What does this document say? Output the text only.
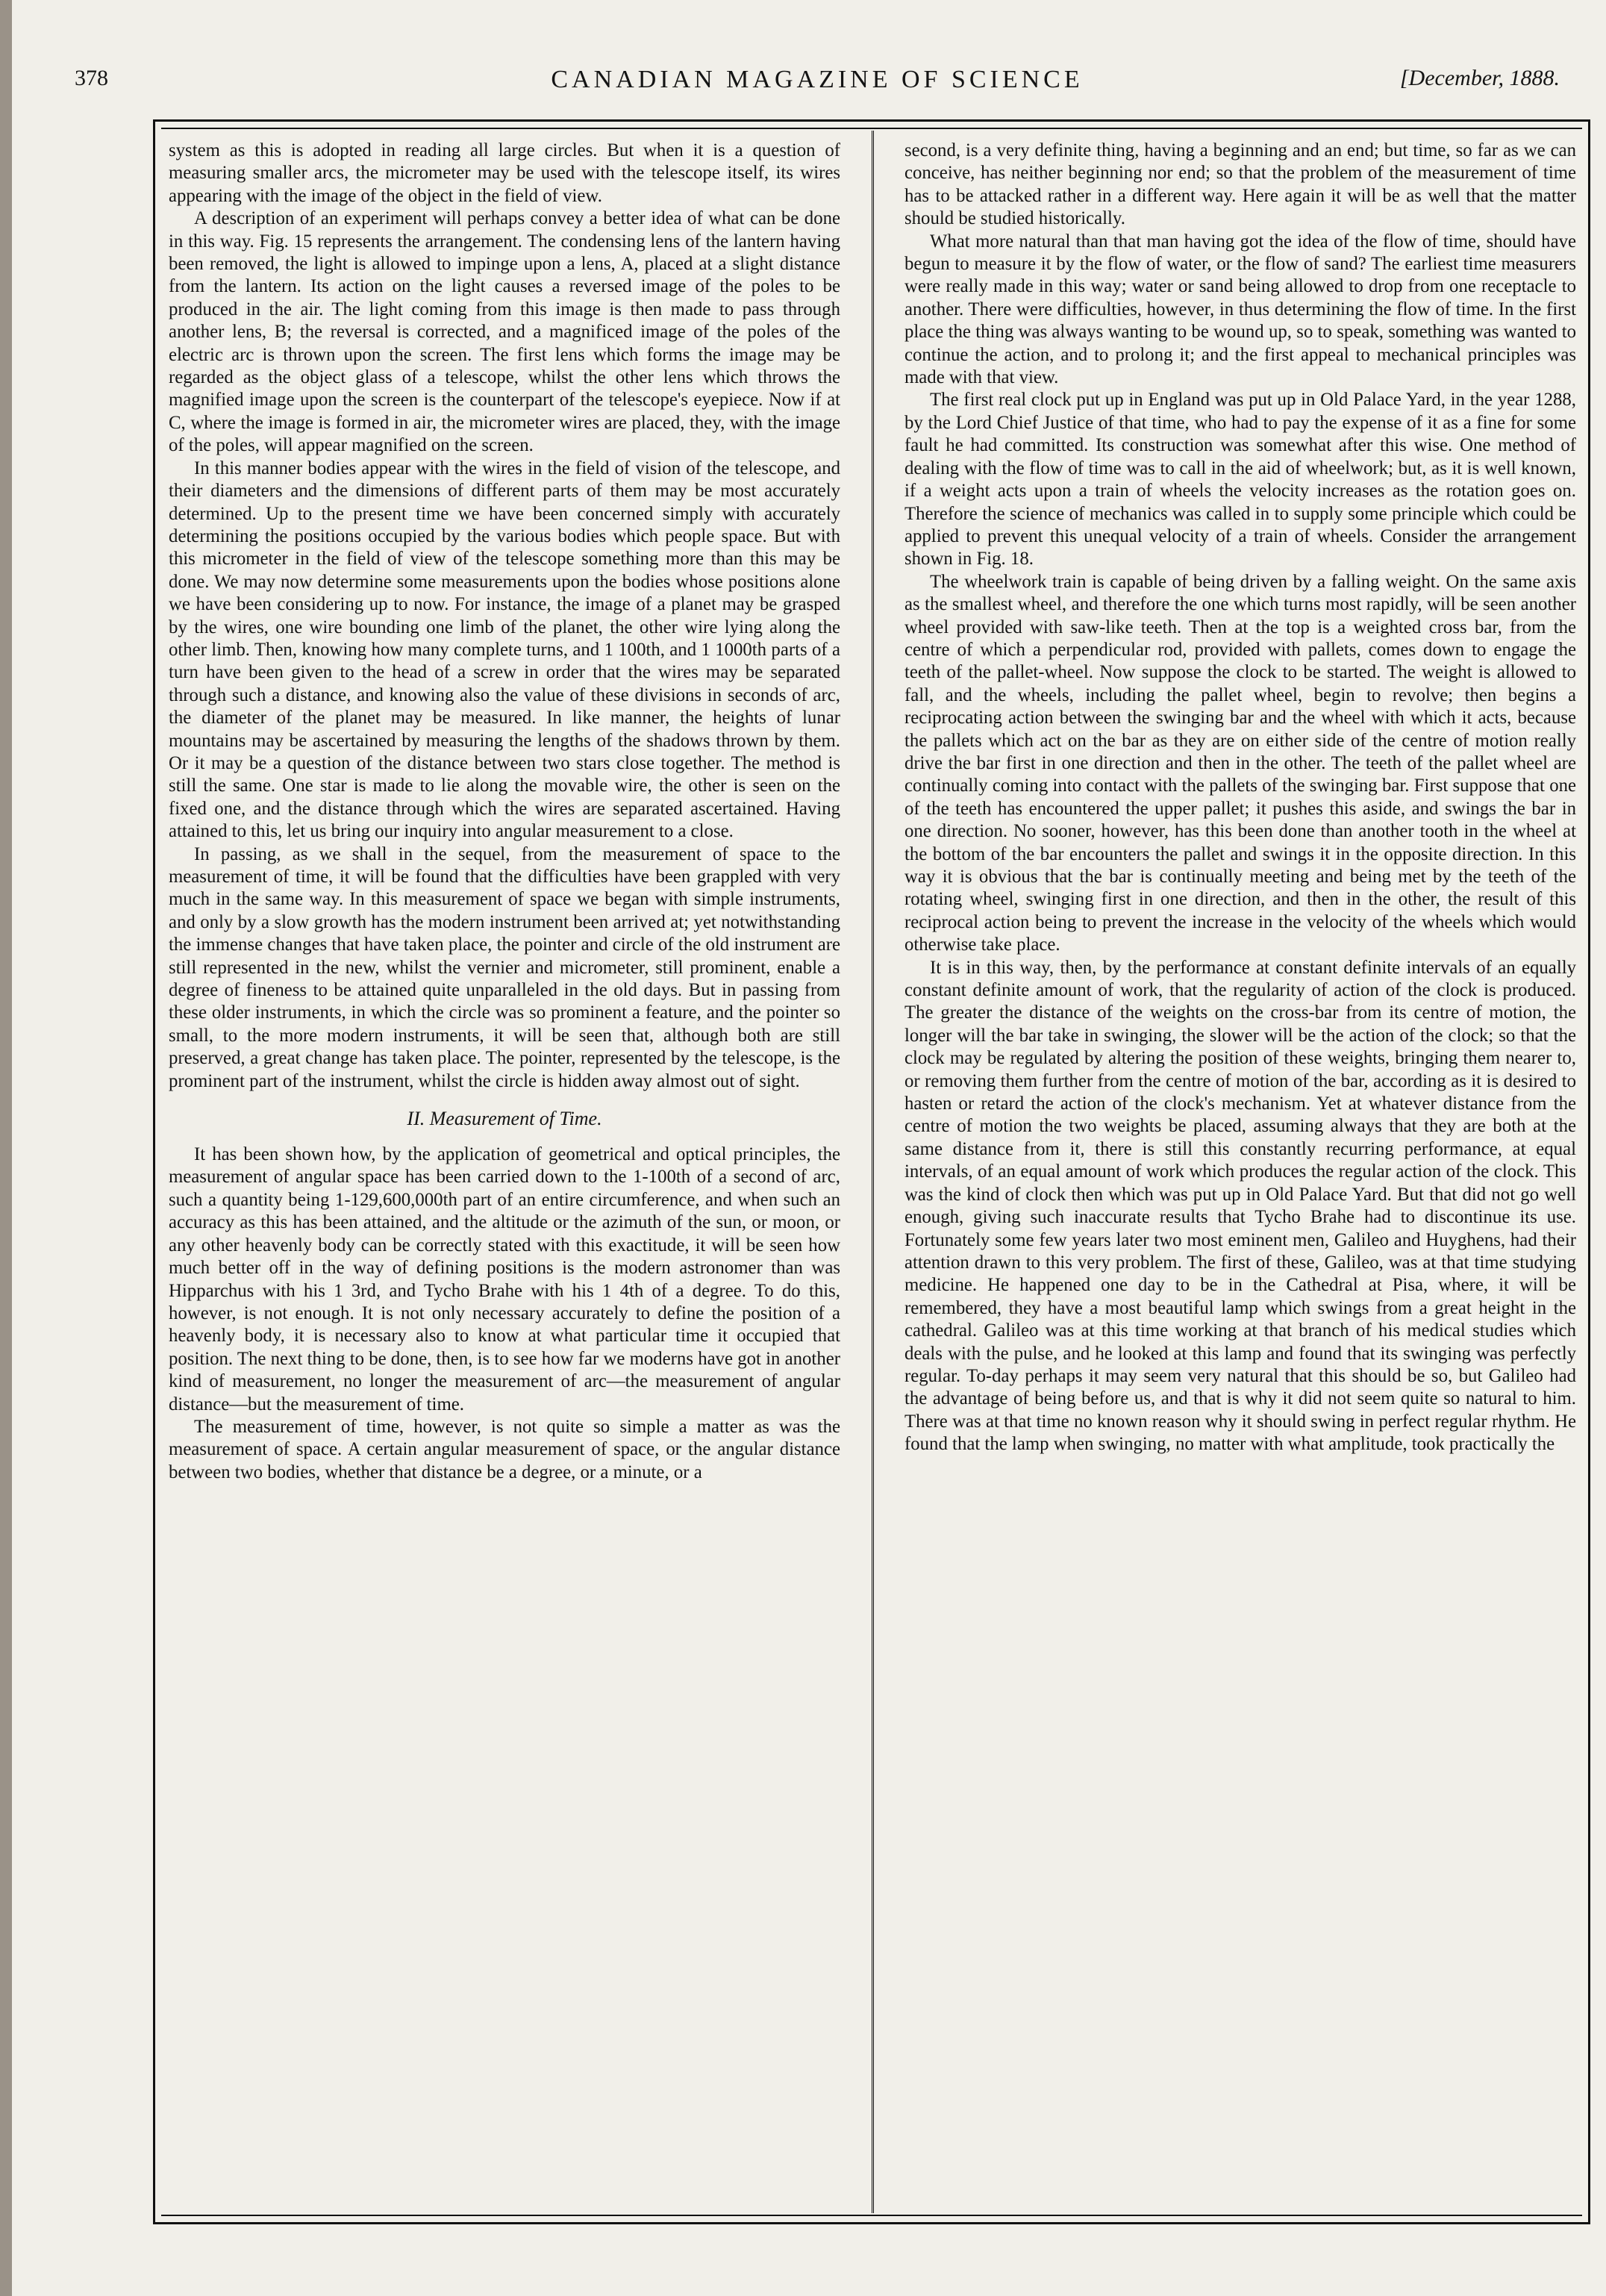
378	CANADIAN MAGAZINE OF SCIENCE	[December, 1888.

system as this is adopted in reading all large circles. But when it is a question of measuring smaller arcs, the micrometer may be used with the telescope itself, its wires appearing with the image of the object in the field of view.

A description of an experiment will perhaps convey a better idea of what can be done in this way. Fig. 15 represents the arrangement. The condensing lens of the lantern having been removed, the light is allowed to impinge upon a lens, A, placed at a slight distance from the lantern. Its action on the light causes a reversed image of the poles to be produced in the air. The light coming from this image is then made to pass through another lens, B; the reversal is corrected, and a magnificed image of the poles of the electric arc is thrown upon the screen. The first lens which forms the image may be regarded as the object glass of a telescope, whilst the other lens which throws the magnified image upon the screen is the counterpart of the telescope's eyepiece. Now if at C, where the image is formed in air, the micrometer wires are placed, they, with the image of the poles, will appear magnified on the screen.

In this manner bodies appear with the wires in the field of vision of the telescope, and their diameters and the dimensions of different parts of them may be most accurately determined. Up to the present time we have been concerned simply with accurately determining the positions occupied by the various bodies which people space. But with this micrometer in the field of view of the telescope something more than this may be done. We may now determine some measurements upon the bodies whose positions alone we have been considering up to now. For instance, the image of a planet may be grasped by the wires, one wire bounding one limb of the planet, the other wire lying along the other limb. Then, knowing how many complete turns, and 1 100th, and 1 1000th parts of a turn have been given to the head of a screw in order that the wires may be separated through such a distance, and knowing also the value of these divisions in seconds of arc, the diameter of the planet may be measured. In like manner, the heights of lunar mountains may be ascertained by measuring the lengths of the shadows thrown by them. Or it may be a question of the distance between two stars close together. The method is still the same. One star is made to lie along the movable wire, the other is seen on the fixed one, and the distance through which the wires are separated ascertained. Having attained to this, let us bring our inquiry into angular measurement to a close.

In passing, as we shall in the sequel, from the measurement of space to the measurement of time, it will be found that the difficulties have been grappled with very much in the same way. In this measurement of space we began with simple instruments, and only by a slow growth has the modern instrument been arrived at; yet notwithstanding the immense changes that have taken place, the pointer and circle of the old instrument are still represented in the new, whilst the vernier and micrometer, still prominent, enable a degree of fineness to be attained quite unparalleled in the old days. But in passing from these older instruments, in which the circle was so prominent a feature, and the pointer so small, to the more modern instruments, it will be seen that, although both are still preserved, a great change has taken place. The pointer, represented by the telescope, is the prominent part of the instrument, whilst the circle is hidden away almost out of sight.

II. Measurement of Time.

It has been shown how, by the application of geometrical and optical principles, the measurement of angular space has been carried down to the 1-100th of a second of arc, such a quantity being 1-129,600,000th part of an entire circumference, and when such an accuracy as this has been attained, and the altitude or the azimuth of the sun, or moon, or any other heavenly body can be correctly stated with this exactitude, it will be seen how much better off in the way of defining positions is the modern astronomer than was Hipparchus with his 1 3rd, and Tycho Brahe with his 1 4th of a degree. To do this, however, is not enough. It is not only necessary accurately to define the position of a heavenly body, it is necessary also to know at what particular time it occupied that position. The next thing to be done, then, is to see how far we moderns have got in another kind of measurement, no longer the measurement of arc—the measurement of angular distance—but the measurement of time.

The measurement of time, however, is not quite so simple a matter as was the measurement of space. A certain angular measurement of space, or the angular distance between two bodies, whether that distance be a degree, or a minute, or a

second, is a very definite thing, having a beginning and an end; but time, so far as we can conceive, has neither beginning nor end; so that the problem of the measurement of time has to be attacked rather in a different way. Here again it will be as well that the matter should be studied historically.

What more natural than that man having got the idea of the flow of time, should have begun to measure it by the flow of water, or the flow of sand? The earliest time measurers were really made in this way; water or sand being allowed to drop from one receptacle to another. There were difficulties, however, in thus determining the flow of time. In the first place the thing was always wanting to be wound up, so to speak, something was wanted to continue the action, and to prolong it; and the first appeal to mechanical principles was made with that view.

The first real clock put up in England was put up in Old Palace Yard, in the year 1288, by the Lord Chief Justice of that time, who had to pay the expense of it as a fine for some fault he had committed. Its construction was somewhat after this wise. One method of dealing with the flow of time was to call in the aid of wheelwork; but, as it is well known, if a weight acts upon a train of wheels the velocity increases as the rotation goes on. Therefore the science of mechanics was called in to supply some principle which could be applied to prevent this unequal velocity of a train of wheels. Consider the arrangement shown in Fig. 18.

The wheelwork train is capable of being driven by a falling weight. On the same axis as the smallest wheel, and therefore the one which turns most rapidly, will be seen another wheel provided with saw-like teeth. Then at the top is a weighted cross bar, from the centre of which a perpendicular rod, provided with pallets, comes down to engage the teeth of the pallet-wheel. Now suppose the clock to be started. The weight is allowed to fall, and the wheels, including the pallet wheel, begin to revolve; then begins a reciprocating action between the swinging bar and the wheel with which it acts, because the pallets which act on the bar as they are on either side of the centre of motion really drive the bar first in one direction and then in the other. The teeth of the pallet wheel are continually coming into contact with the pallets of the swinging bar. First suppose that one of the teeth has encountered the upper pallet; it pushes this aside, and swings the bar in one direction. No sooner, however, has this been done than another tooth in the wheel at the bottom of the bar encounters the pallet and swings it in the opposite direction. In this way it is obvious that the bar is continually meeting and being met by the teeth of the rotating wheel, swinging first in one direction, and then in the other, the result of this reciprocal action being to prevent the increase in the velocity of the wheels which would otherwise take place.

It is in this way, then, by the performance at constant definite intervals of an equally constant definite amount of work, that the regularity of action of the clock is produced. The greater the distance of the weights on the cross-bar from its centre of motion, the longer will the bar take in swinging, the slower will be the action of the clock; so that the clock may be regulated by altering the position of these weights, bringing them nearer to, or removing them further from the centre of motion of the bar, according as it is desired to hasten or retard the action of the clock's mechanism. Yet at whatever distance from the centre of motion the two weights be placed, assuming always that they are both at the same distance from it, there is still this constantly recurring performance, at equal intervals, of an equal amount of work which produces the regular action of the clock. This was the kind of clock then which was put up in Old Palace Yard. But that did not go well enough, giving such inaccurate results that Tycho Brahe had to discontinue its use. Fortunately some few years later two most eminent men, Galileo and Huyghens, had their attention drawn to this very problem. The first of these, Galileo, was at that time studying medicine. He happened one day to be in the Cathedral at Pisa, where, it will be remembered, they have a most beautiful lamp which swings from a great height in the cathedral. Galileo was at this time working at that branch of his medical studies which deals with the pulse, and he looked at this lamp and found that its swinging was perfectly regular. To-day perhaps it may seem very natural that this should be so, but Galileo had the advantage of being before us, and that is why it did not seem quite so natural to him. There was at that time no known reason why it should swing in perfect regular rhythm. He found that the lamp when swinging, no matter with what amplitude, took practically the
